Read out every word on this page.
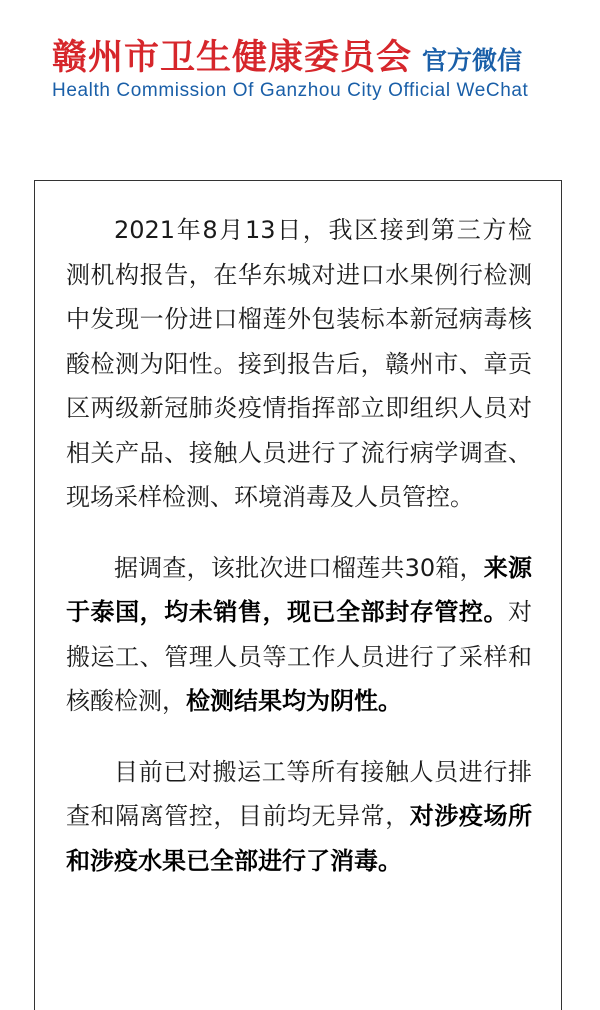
赣州市卫生健康委员会 官方微信
Health Commission Of Ganzhou City Official WeChat

2021年8月13日，我区接到第三方检测机构报告，在华东城对进口水果例行检测中发现一份进口榴莲外包装标本新冠病毒核酸检测为阳性。接到报告后，赣州市、章贡区两级新冠肺炎疫情指挥部立即组织人员对相关产品、接触人员进行了流行病学调查、现场采样检测、环境消毒及人员管控。

据调查，该批次进口榴莲共30箱，来源于泰国，均未销售，现已全部封存管控。对搬运工、管理人员等工作人员进行了采样和核酸检测，检测结果均为阴性。

目前已对搬运工等所有接触人员进行排查和隔离管控，目前均无异常，对涉疫场所和涉疫水果已全部进行了消毒。
